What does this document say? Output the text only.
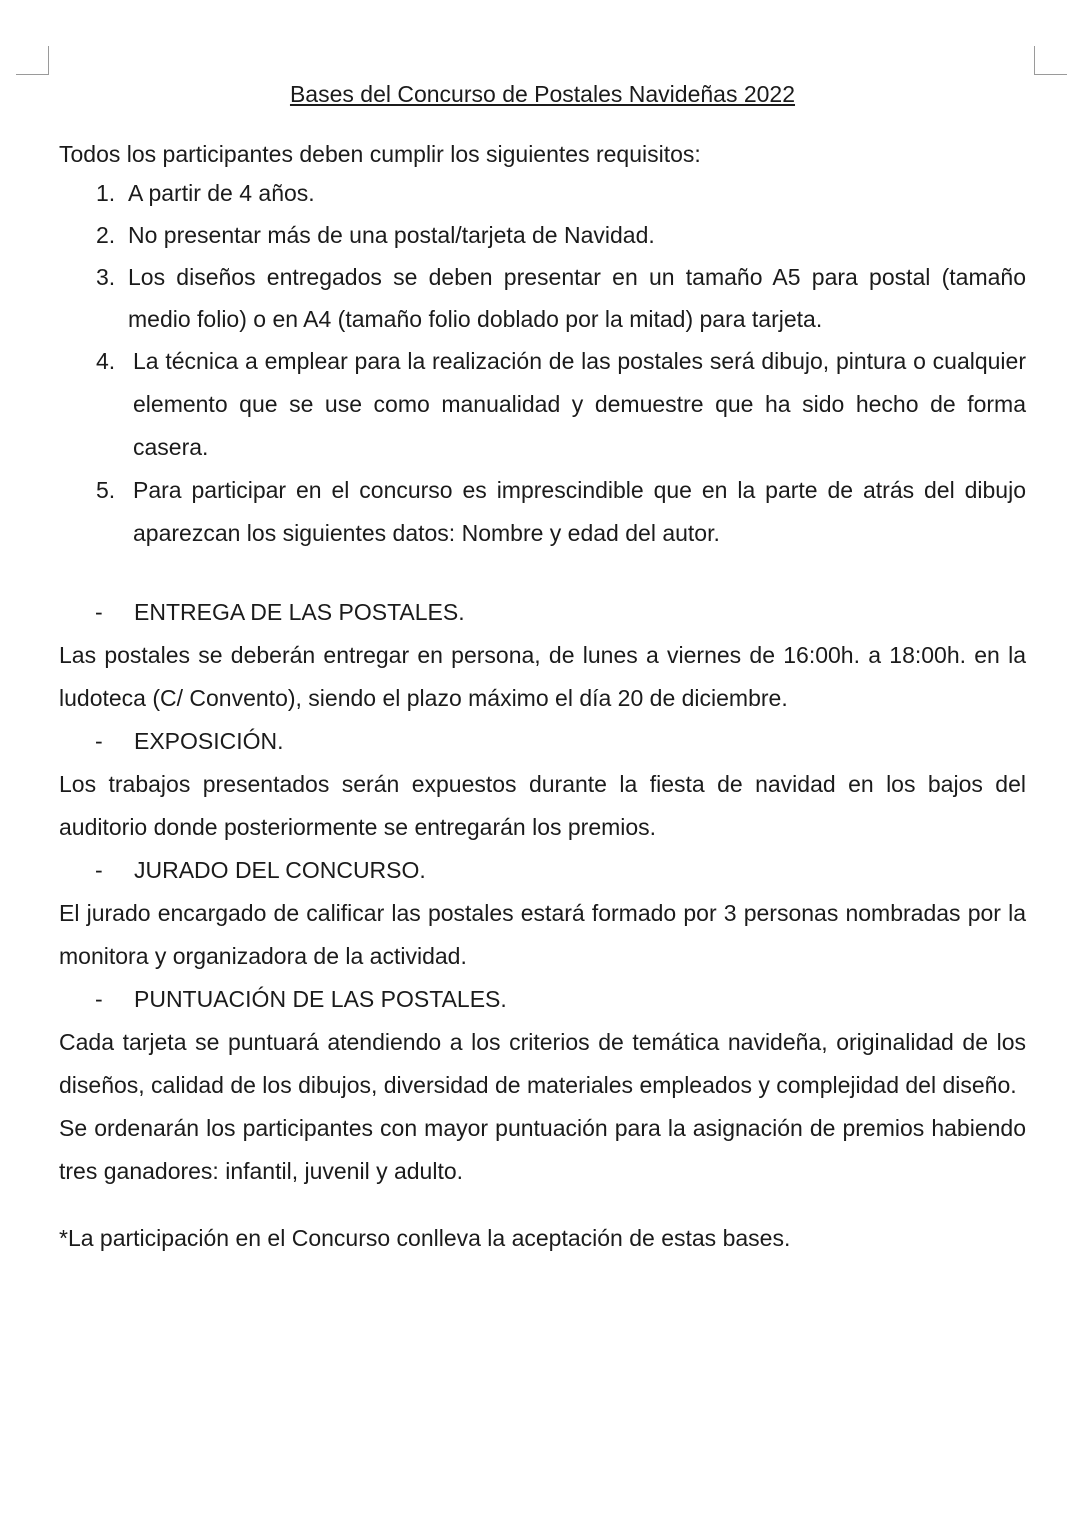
Bases del Concurso de Postales Navideñas 2022

Todos los participantes deben cumplir los siguientes requisitos:

1. A partir de 4 años.
2. No presentar más de una postal/tarjeta de Navidad.
3. Los diseños entregados se deben presentar en un tamaño A5 para postal (tamaño medio folio) o en A4 (tamaño folio doblado por la mitad) para tarjeta.
4. La técnica a emplear para la realización de las postales será dibujo, pintura o cualquier elemento que se use como manualidad y demuestre que ha sido hecho de forma casera.
5. Para participar en el concurso es imprescindible que en la parte de atrás del dibujo aparezcan los siguientes datos: Nombre y edad del autor.
- ENTREGA DE LAS POSTALES.

Las postales se deberán entregar en persona, de lunes a viernes de 16:00h. a 18:00h. en la ludoteca (C/ Convento), siendo el plazo máximo el día 20 de diciembre.

- EXPOSICIÓN.

Los trabajos presentados serán expuestos durante la fiesta de navidad en los bajos del auditorio donde posteriormente se entregarán los premios.

- JURADO DEL CONCURSO.

El jurado encargado de calificar las postales estará formado por 3 personas nombradas por la monitora y organizadora de la actividad.

- PUNTUACIÓN DE LAS POSTALES.

Cada tarjeta se puntuará atendiendo a los criterios de temática navideña, originalidad de los diseños, calidad de los dibujos, diversidad de materiales empleados y complejidad del diseño.

Se ordenarán los participantes con mayor puntuación para la asignación de premios habiendo tres ganadores: infantil, juvenil y adulto.

*La participación en el Concurso conlleva la aceptación de estas bases.
